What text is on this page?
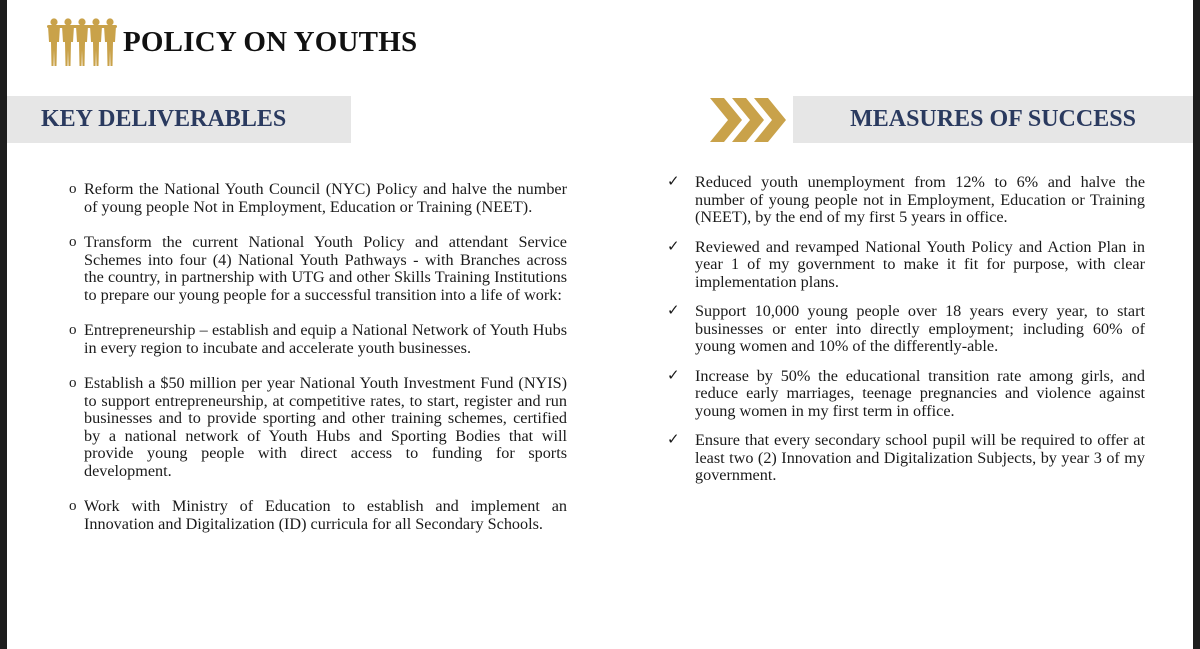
POLICY ON YOUTHS
KEY DELIVERABLES	MEASURES OF SUCCESS
o Reform the National Youth Council (NYC) Policy and halve the number of young people Not in Employment, Education or Training (NEET).
o Transform the current National Youth Policy and attendant Service Schemes into four (4) National Youth Pathways - with Branches across the country, in partnership with UTG and other Skills Training Institutions to prepare our young people for a successful transition into a life of work:
o Entrepreneurship – establish and equip a National Network of Youth Hubs in every region to incubate and accelerate youth businesses.
o Establish a $50 million per year National Youth Investment Fund (NYIS) to support entrepreneurship, at competitive rates, to start, register and run businesses and to provide sporting and other training schemes, certified by a national network of Youth Hubs and Sporting Bodies that will provide young people with direct access to funding for sports development.
o Work with Ministry of Education to establish and implement an Innovation and Digitalization (ID) curricula for all Secondary Schools.
✓ Reduced youth unemployment from 12% to 6% and halve the number of young people not in Employment, Education or Training (NEET), by the end of my first 5 years in office.
✓ Reviewed and revamped National Youth Policy and Action Plan in year 1 of my government to make it fit for purpose, with clear implementation plans.
✓ Support 10,000 young people over 18 years every year, to start businesses or enter into directly employment; including 60% of young women and 10% of the differently-able.
✓ Increase by 50% the educational transition rate among girls, and reduce early marriages, teenage pregnancies and violence against young women in my first term in office.
✓ Ensure that every secondary school pupil will be required to offer at least two (2) Innovation and Digitalization Subjects, by year 3 of my government.
